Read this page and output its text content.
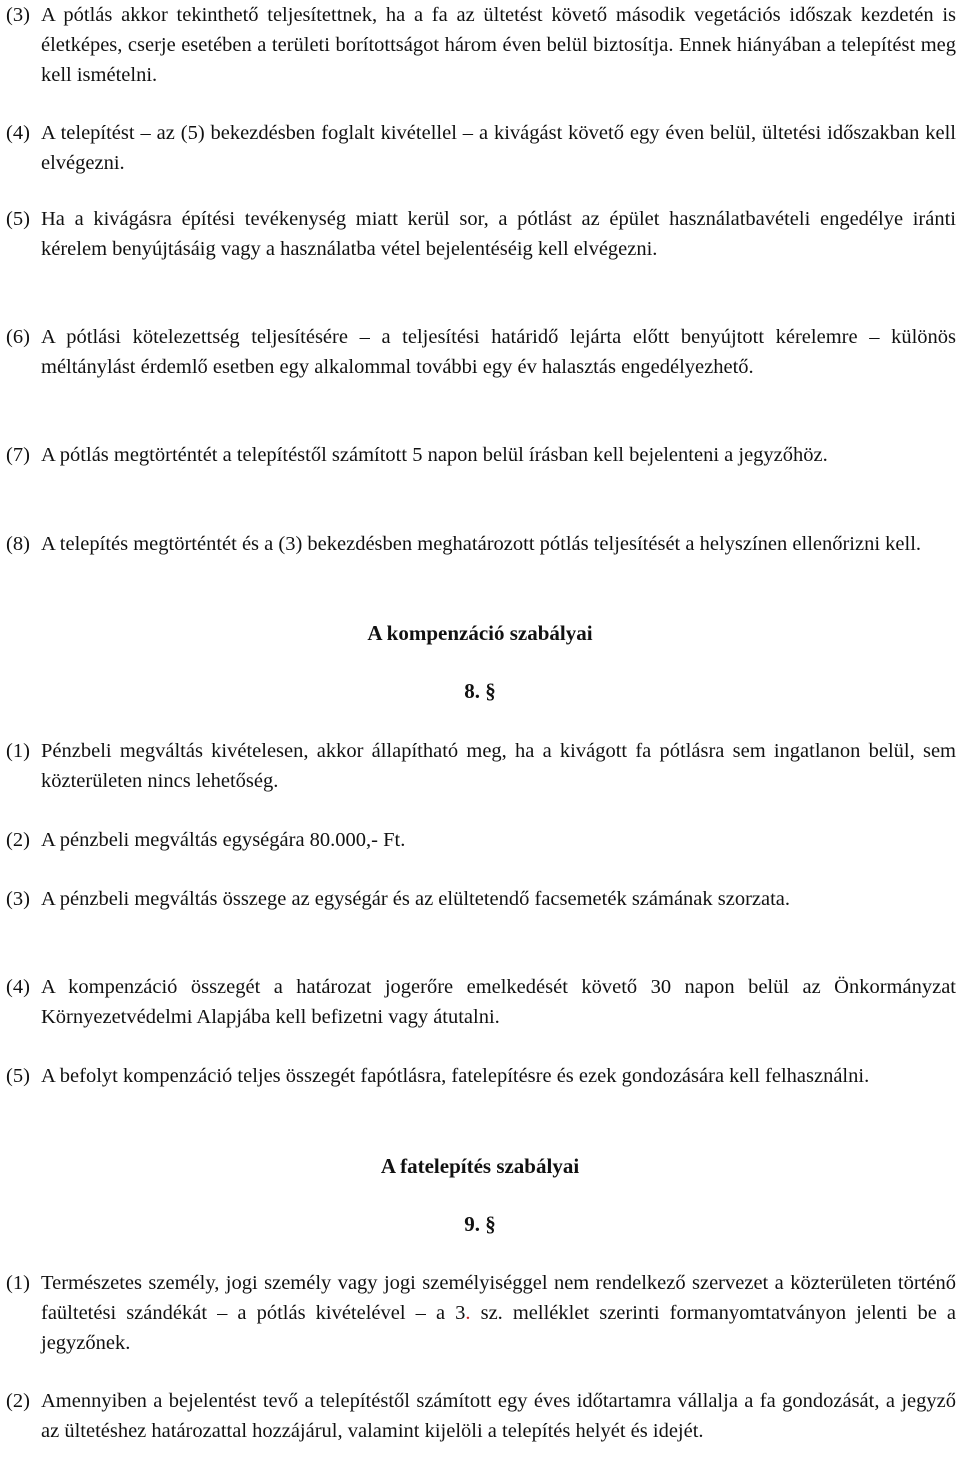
(3) A pótlás akkor tekinthető teljesítettnek, ha a fa az ültetést követő második vegetációs időszak kezdetén is életképes, cserje esetében a területi borítottságot három éven belül biztosítja. Ennek hiányában a telepítést meg kell ismételni.
(4) A telepítést – az (5) bekezdésben foglalt kivétellel – a kivágást követő egy éven belül, ültetési időszakban kell elvégezni.
(5) Ha a kivágásra építési tevékenység miatt kerül sor, a pótlást az épület használatbavételi engedélye iránti kérelem benyújtásáig vagy a használatba vétel bejelentéséig kell elvégezni.
(6) A pótlási kötelezettség teljesítésére – a teljesítési határidő lejárta előtt benyújtott kérelemre – különös méltánylást érdemlő esetben egy alkalommal további egy év halasztás engedélyezhető.
(7) A pótlás megtörténtét a telepítéstől számított 5 napon belül írásban kell bejelenteni a jegyzőhöz.
(8) A telepítés megtörténtét és a (3) bekezdésben meghatározott pótlás teljesítését a helyszínen ellenőrizni kell.
A kompenzáció szabályai
8. §
(1) Pénzbeli megváltás kivételesen, akkor állapítható meg, ha a kivágott fa pótlásra sem ingatlanon belül, sem közterületen nincs lehetőség.
(2) A pénzbeli megváltás egységára 80.000,- Ft.
(3) A pénzbeli megváltás összege az egységár és az elültetendő facsemeték számának szorzata.
(4) A kompenzáció összegét a határozat jogerőre emelkedését követő 30 napon belül az Önkormányzat Környezetvédelmi Alapjába kell befizetni vagy átutalni.
(5) A befolyt kompenzáció teljes összegét fapótlásra, fatelepítésre és ezek gondozására kell felhasználni.
A fatelepítés szabályai
9. §
(1) Természetes személy, jogi személy vagy jogi személyiséggel nem rendelkező szervezet a közterületen történő faültetési szándékát – a pótlás kivételével – a 3. sz. melléklet szerinti formanyomtatványon jelenti be a jegyzőnek.
(2) Amennyiben a bejelentést tevő a telepítéstől számított egy éves időtartamra vállalja a fa gondozását, a jegyző az ültetéshez határozattal hozzájárul, valamint kijelöli a telepítés helyét és idejét.
